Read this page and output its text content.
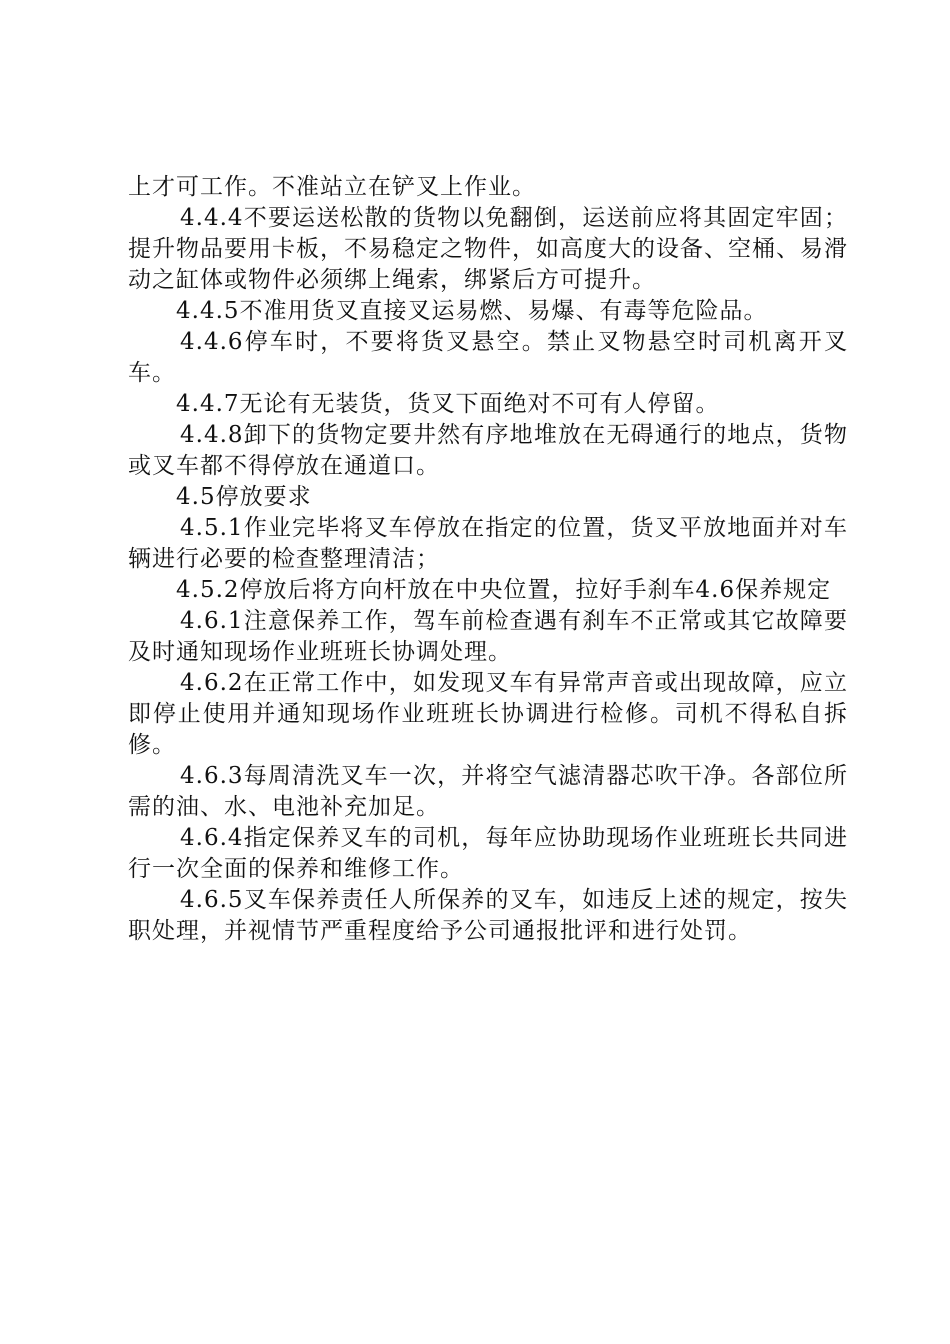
上才可工作。不准站立在铲叉上作业。

4.4.4不要运送松散的货物以免翻倒，运送前应将其固定牢固；提升物品要用卡板，不易稳定之物件，如高度大的设备、空桶、易滑动之缸体或物件必须绑上绳索，绑紧后方可提升。

4.4.5不准用货叉直接叉运易燃、易爆、有毒等危险品。

4.4.6停车时，不要将货叉悬空。禁止叉物悬空时司机离开叉车。

4.4.7无论有无装货，货叉下面绝对不可有人停留。

4.4.8卸下的货物定要井然有序地堆放在无碍通行的地点，货物或叉车都不得停放在通道口。

4.5停放要求

4.5.1作业完毕将叉车停放在指定的位置，货叉平放地面并对车辆进行必要的检查整理清洁；

4.5.2停放后将方向杆放在中央位置，拉好手刹车4.6保养规定

4.6.1注意保养工作，驾车前检查遇有刹车不正常或其它故障要及时通知现场作业班班长协调处理。

4.6.2在正常工作中，如发现叉车有异常声音或出现故障，应立即停止使用并通知现场作业班班长协调进行检修。司机不得私自拆修。

4.6.3每周清洗叉车一次，并将空气滤清器芯吹干净。各部位所需的油、水、电池补充加足。

4.6.4指定保养叉车的司机，每年应协助现场作业班班长共同进行一次全面的保养和维修工作。

4.6.5叉车保养责任人所保养的叉车，如违反上述的规定，按失职处理，并视情节严重程度给予公司通报批评和进行处罚。
